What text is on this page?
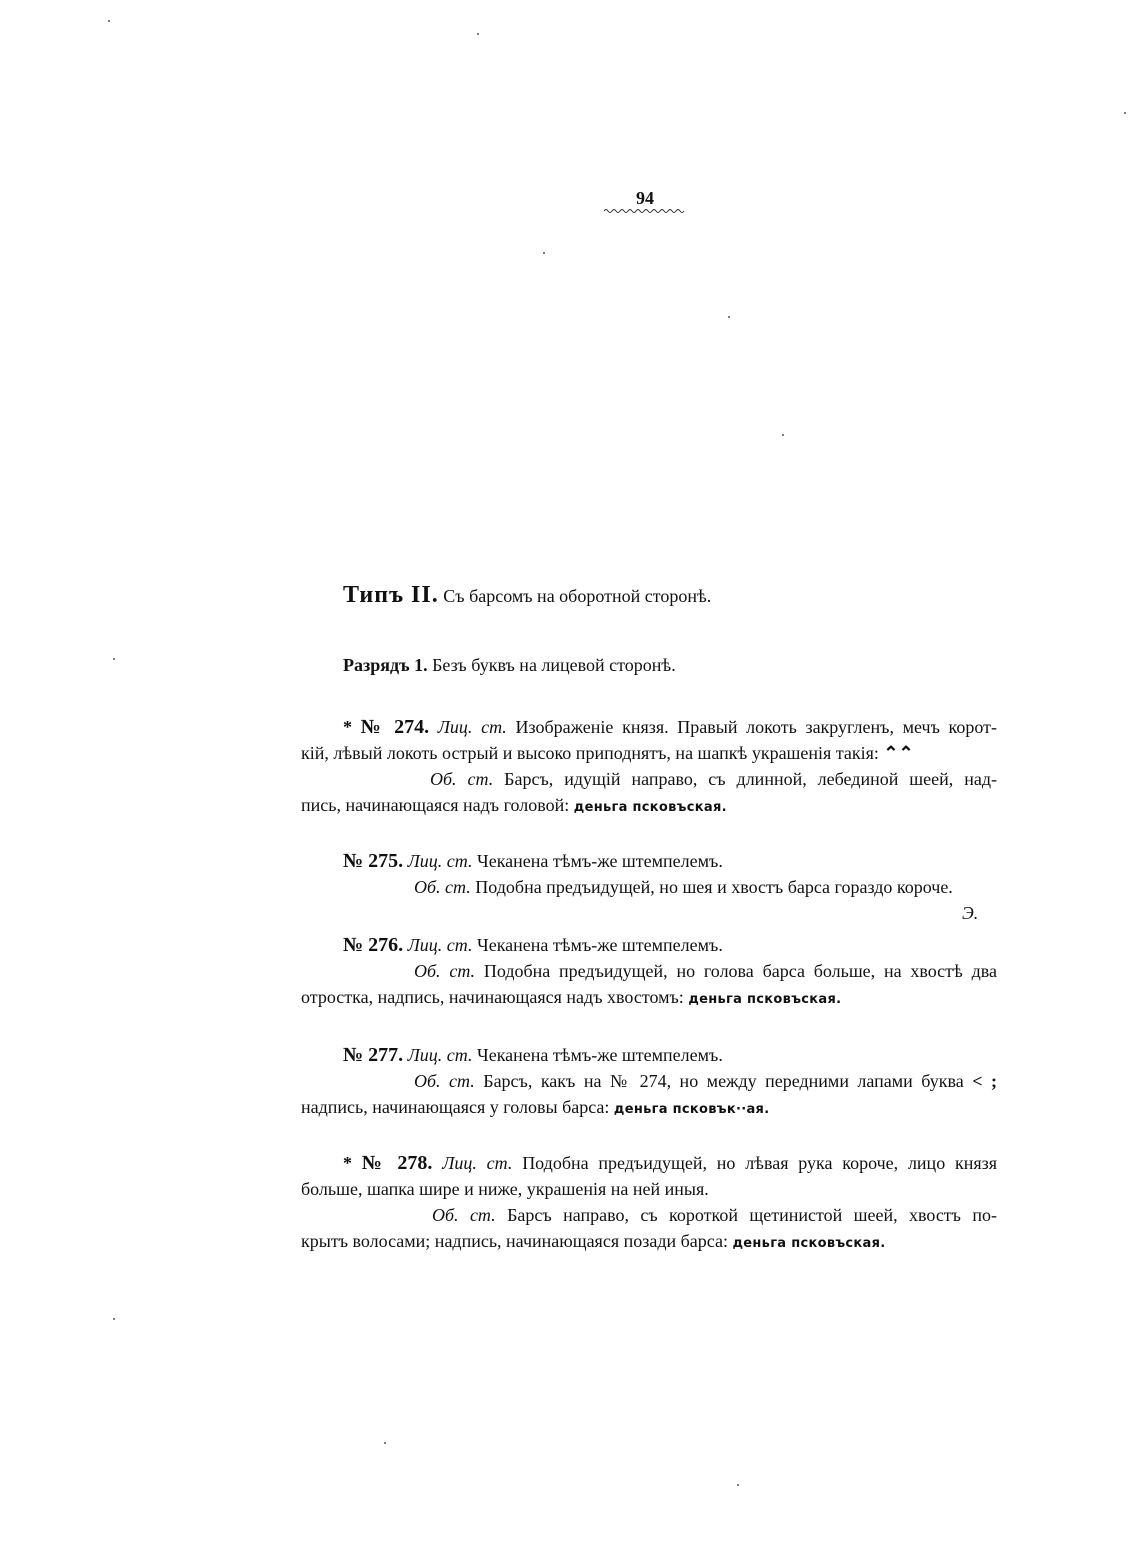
94
Типъ II. Съ барсомъ на оборотной сторонѣ.
Разрядъ 1. Безъ буквъ на лицевой сторонѣ.
* № 274. Лиц. ст. Изображеніе князя. Правый локоть закругленъ, мечъ корот-
кій, лѣвый локоть острый и высоко приподнятъ, на шапкѣ украшенія такія: ⌃⌃
Об. ст. Барсъ, идущій направо, съ длинной, лебединой шеей, над-
пись, начинающаяся надъ головой: деньга псковъская.
№ 275. Лиц. ст. Чеканена тѣмъ-же штемпелемъ.
Об. ст. Подобна предъидущей, но шея и хвостъ барса гораздо короче.
Э.
№ 276. Лиц. ст. Чеканена тѣмъ-же штемпелемъ.
Об. ст. Подобна предъидущей, но голова барса больше, на хвостѣ два
отростка, надпись, начинающаяся надъ хвостомъ: деньга псковъская.
№ 277. Лиц. ст. Чеканена тѣмъ-же штемпелемъ.
Об. ст. Барсъ, какъ на № 274, но между передними лапами буква < ;
надпись, начинающаяся у головы барса: деньга псковък··ая.
* № 278. Лиц. ст. Подобна предъидущей, но лѣвая рука короче, лицо князя
больше, шапка шире и ниже, украшенія на ней иныя.
Об. ст. Барсъ направо, съ короткой щетинистой шеей, хвостъ по-
крытъ волосами; надпись, начинающаяся позади барса: деньга псковъская.
